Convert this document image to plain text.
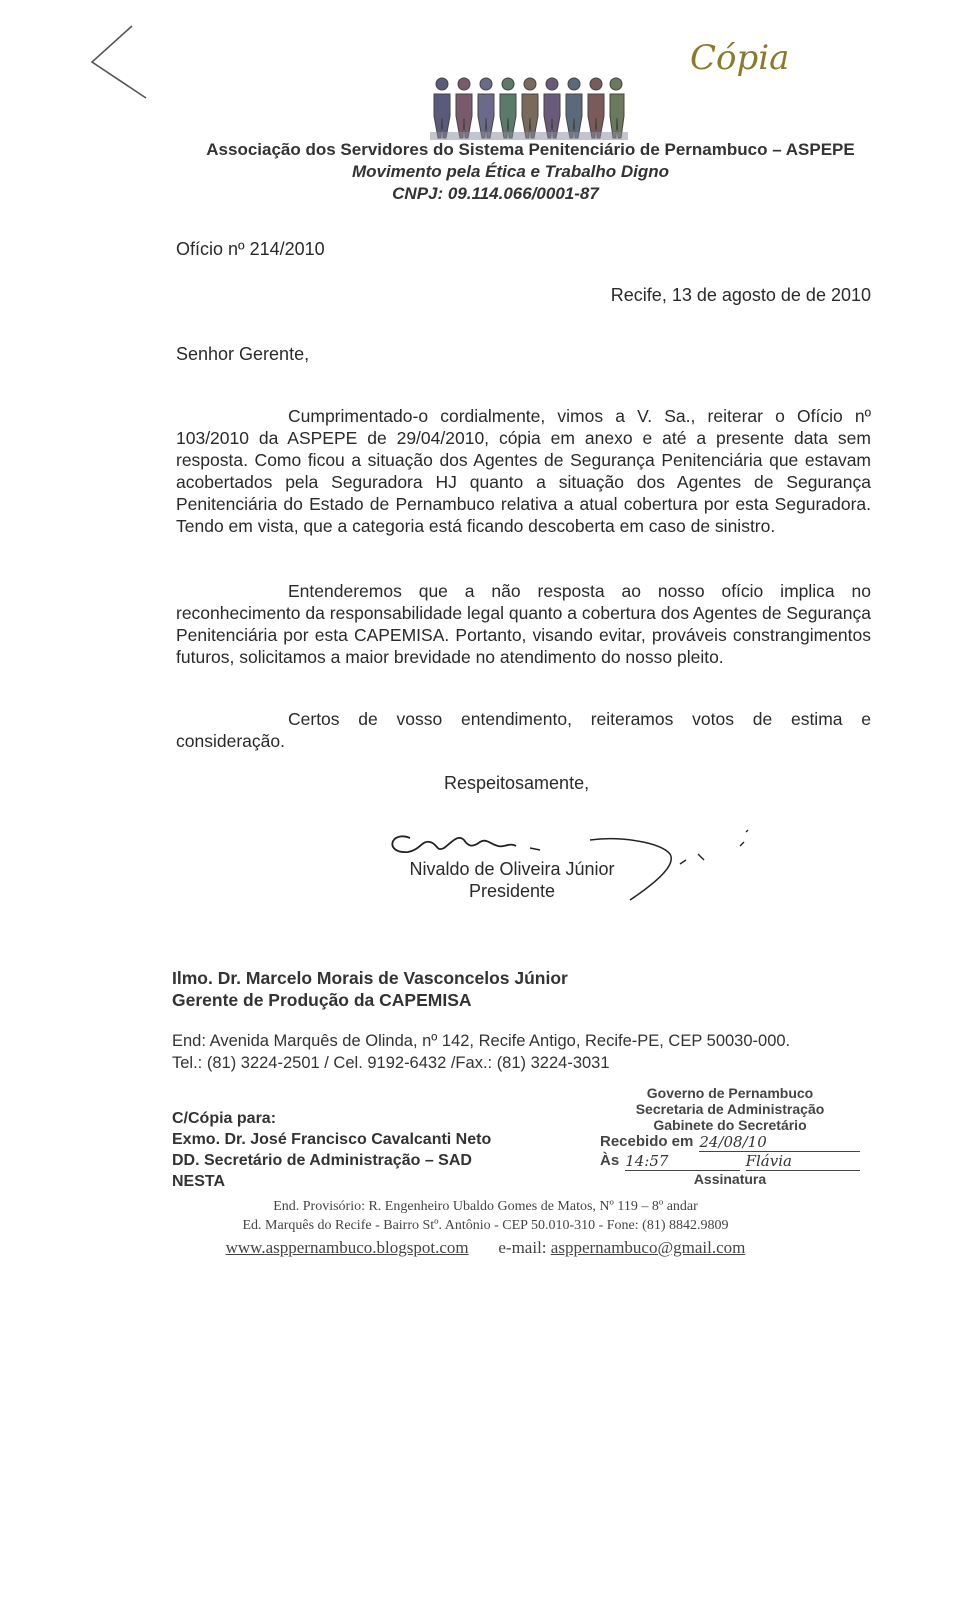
Cópia
Associação dos Servidores do Sistema Penitenciário de Pernambuco – ASPEPE
Movimento pela Ética e Trabalho Digno
CNPJ: 09.114.066/0001-87
Ofício nº 214/2010
Recife, 13 de agosto de de 2010
Senhor Gerente,

Cumprimentado-o cordialmente, vimos a V. Sa., reiterar o Ofício nº 103/2010 da ASPEPE de 29/04/2010, cópia em anexo e até a presente data sem resposta. Como ficou a situação dos Agentes de Segurança Penitenciária que estavam acobertados pela Seguradora HJ quanto a situação dos Agentes de Segurança Penitenciária do Estado de Pernambuco relativa a atual cobertura por esta Seguradora. Tendo em vista, que a categoria está ficando descoberta em caso de sinistro.

Entenderemos que a não resposta ao nosso ofício implica no reconhecimento da responsabilidade legal quanto a cobertura dos Agentes de Segurança Penitenciária por esta CAPEMISA. Portanto, visando evitar, prováveis constrangimentos futuros, solicitamos a maior brevidade no atendimento do nosso pleito.

Certos de vosso entendimento, reiteramos votos de estima e consideração.

Respeitosamente,
Nivaldo de Oliveira Júnior
Presidente
Ilmo. Dr. Marcelo Morais de Vasconcelos Júnior
Gerente de Produção da CAPEMISA
End: Avenida Marquês de Olinda, nº 142, Recife Antigo, Recife-PE, CEP 50030-000.
Tel.: (81) 3224-2501 / Cel. 9192-6432 /Fax.: (81) 3224-3031
C/Cópia para:
Exmo. Dr. José Francisco Cavalcanti Neto
DD. Secretário de Administração – SAD
NESTA
Governo de Pernambuco
Secretaria de Administração
Gabinete do Secretário
Recebido em 24/08/10
Às 14:57	Flávia
Assinatura
End. Provisório: R. Engenheiro Ubaldo Gomes de Matos, Nº 119 – 8º andar
Ed. Marquês do Recife - Bairro Stº. Antônio - CEP 50.010-310 - Fone: (81) 8842.9809
www.asppernambuco.blogspot.com e-mail: asppernambuco@gmail.com
